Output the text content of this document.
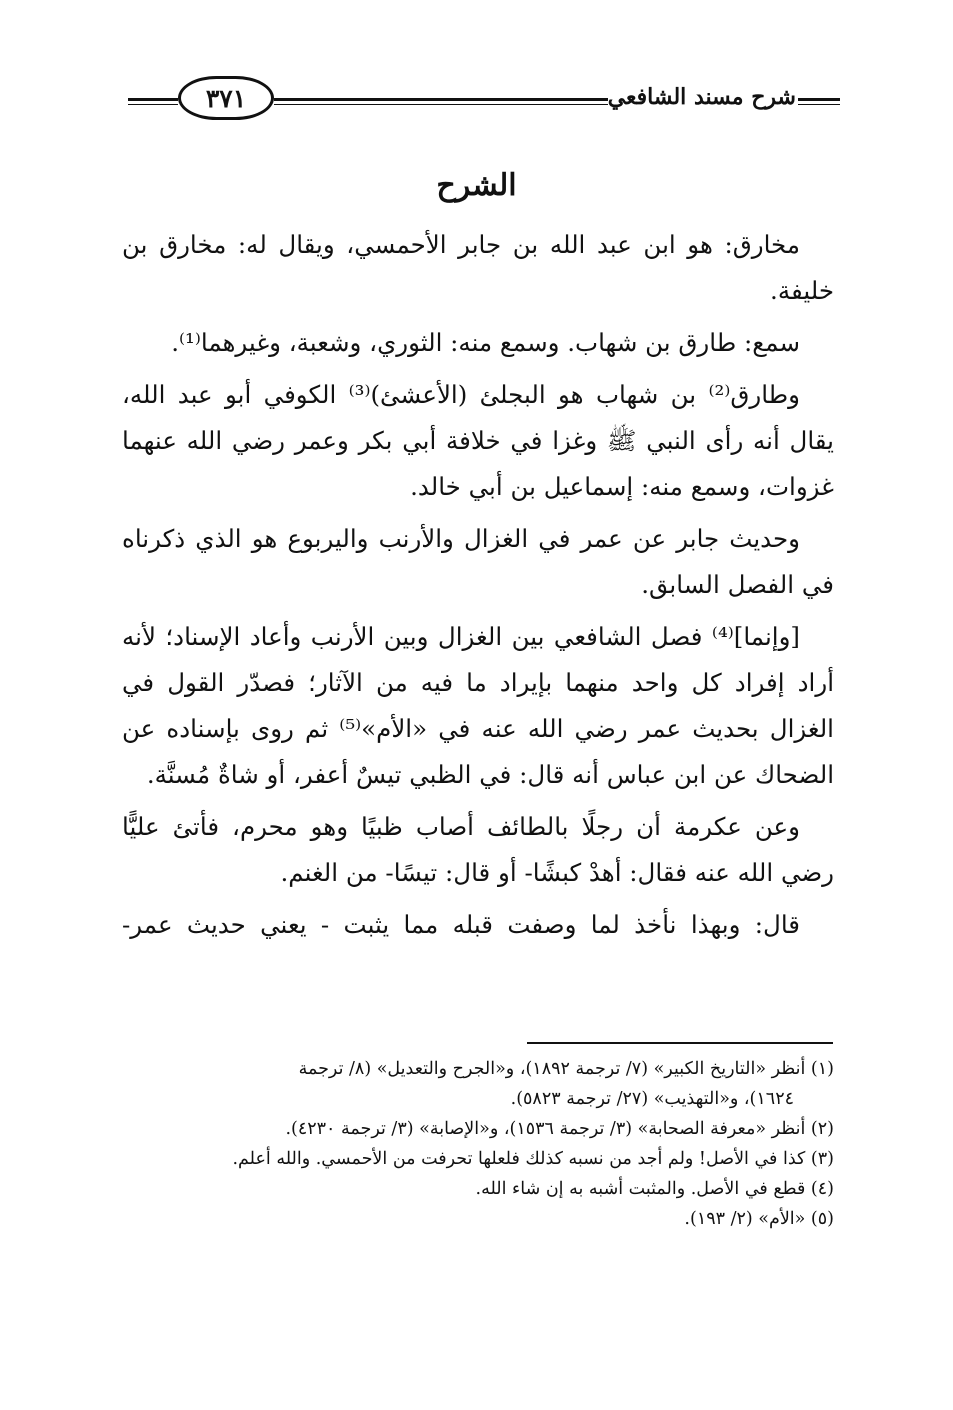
٣٧١	شرح مسند الشافعي
الشرح

مخارق: هو ابن عبد الله بن جابر الأحمسي، ويقال له: مخارق بن خليفة.

سمع: طارق بن شهاب. وسمع منه: الثوري، وشعبة، وغيرهما⁽¹⁾.

وطارق⁽²⁾ بن شهاب هو البجلئ (الأعشئ)⁽³⁾ الكوفي أبو عبد الله، يقال أنه رأى النبي ﷺ وغزا في خلافة أبي بكر وعمر رضي الله عنهما غزوات، وسمع منه: إسماعيل بن أبي خالد.

وحديث جابر عن عمر في الغزال والأرنب واليربوع هو الذي ذكرناه في الفصل السابق.

[وإنما]⁽⁴⁾ فصل الشافعي بين الغزال وبين الأرنب وأعاد الإسناد؛ لأنه أراد إفراد كل واحد منهما بإيراد ما فيه من الآثار؛ فصدّر القول في الغزال بحديث عمر رضي الله عنه في «الأم»⁽⁵⁾ ثم روى بإسناده عن الضحاك عن ابن عباس أنه قال: في الظبي تيسٌ أعفر، أو شاةٌ مُسنَّة.

وعن عكرمة أن رجلًا بالطائف أصاب ظبيًا وهو محرم، فأتئ عليًّا رضي الله عنه فقال: أهدْ كبشًا- أو قال: تيسًا- من الغنم.

قال: وبهذا نأخذ لما وصفت قبله مما يثبت - يعني حديث عمر-

(١) أنظر «التاريخ الكبير» (٧/ ترجمة ١٨٩٢)، و«الجرح والتعديل» (٨/ ترجمة
١٦٢٤)، و«التهذيب» (٢٧/ ترجمة ٥٨٢٣).
(٢) أنظر «معرفة الصحابة» (٣/ ترجمة ١٥٣٦)، و«الإصابة» (٣/ ترجمة ٤٢٣٠).
(٣) كذا في الأصل! ولم أجد من نسبه كذلك فلعلها تحرفت من الأحمسي. والله أعلم.
(٤) قطع في الأصل. والمثبت أشبه به إن شاء الله.
(٥) «الأم» (٢/ ١٩٣).
